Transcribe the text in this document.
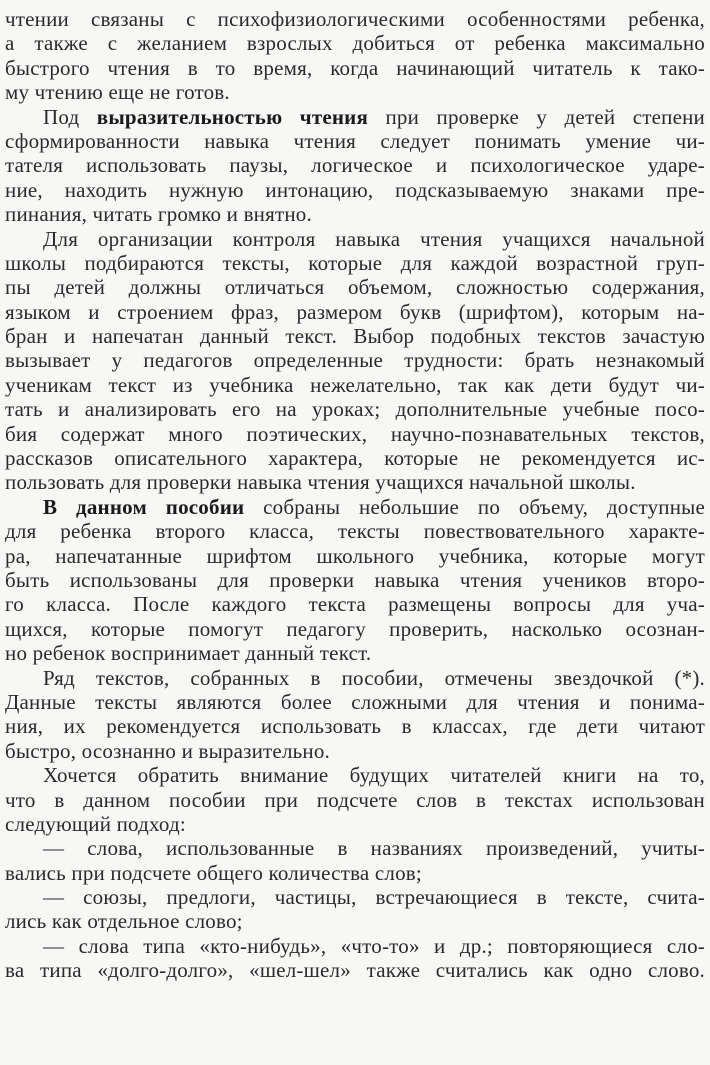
чтении связаны с психофизиологическими особенностями ребенка,
а также с желанием взрослых добиться от ребенка максимально
быстрого чтения в то время, когда начинающий читатель к тако-
му чтению еще не готов.
Под выразительностью чтения при проверке у детей степени
сформированности навыка чтения следует понимать умение чи-
тателя использовать паузы, логическое и психологическое ударе-
ние, находить нужную интонацию, подсказываемую знаками пре-
пинания, читать громко и внятно.
Для организации контроля навыка чтения учащихся начальной
школы подбираются тексты, которые для каждой возрастной груп-
пы детей должны отличаться объемом, сложностью содержания,
языком и строением фраз, размером букв (шрифтом), которым на-
бран и напечатан данный текст. Выбор подобных текстов зачастую
вызывает у педагогов определенные трудности: брать незнакомый
ученикам текст из учебника нежелательно, так как дети будут чи-
тать и анализировать его на уроках; дополнительные учебные посо-
бия содержат много поэтических, научно-познавательных текстов,
рассказов описательного характера, которые не рекомендуется ис-
пользовать для проверки навыка чтения учащихся начальной школы.
В данном пособии собраны небольшие по объему, доступные
для ребенка второго класса, тексты повествовательного характе-
ра, напечатанные шрифтом школьного учебника, которые могут
быть использованы для проверки навыка чтения учеников второ-
го класса. После каждого текста размещены вопросы для уча-
щихся, которые помогут педагогу проверить, насколько осознан-
но ребенок воспринимает данный текст.
Ряд текстов, собранных в пособии, отмечены звездочкой (*).
Данные тексты являются более сложными для чтения и понима-
ния, их рекомендуется использовать в классах, где дети читают
быстро, осознанно и выразительно.
Хочется обратить внимание будущих читателей книги на то,
что в данном пособии при подсчете слов в текстах использован
следующий подход:
— слова, использованные в названиях произведений, учиты-
вались при подсчете общего количества слов;
— союзы, предлоги, частицы, встречающиеся в тексте, счита-
лись как отдельное слово;
— слова типа «кто-нибудь», «что-то» и др.; повторяющиеся сло-
ва типа «долго-долго», «шел-шел» также считались как одно слово.
